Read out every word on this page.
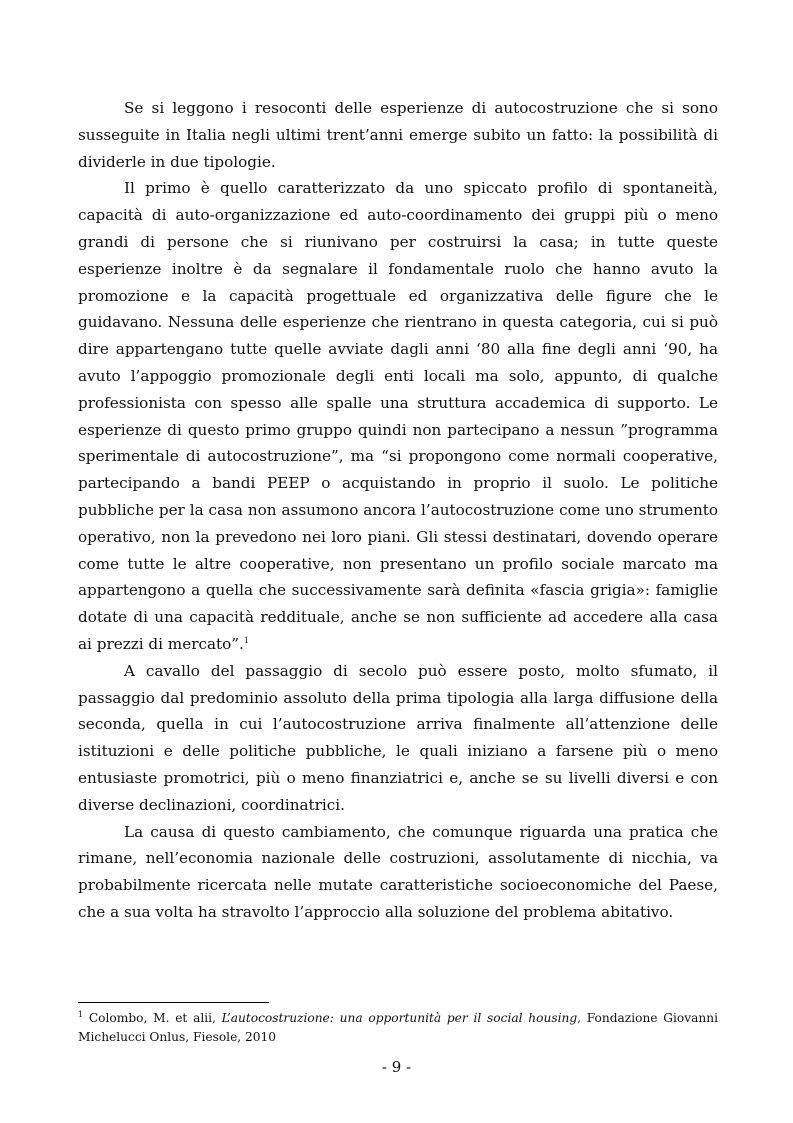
Se si leggono i resoconti delle esperienze di autocostruzione che si sono susseguite in Italia negli ultimi trent’anni emerge subito un fatto: la possibilità di dividerle in due tipologie.

Il primo è quello caratterizzato da uno spiccato profilo di spontaneità, capacità di auto-organizzazione ed auto-coordinamento dei gruppi più o meno grandi di persone che si riunivano per costruirsi la casa; in tutte queste esperienze inoltre è da segnalare il fondamentale ruolo che hanno avuto la promozione e la capacità progettuale ed organizzativa delle figure che le guidavano. Nessuna delle esperienze che rientrano in questa categoria, cui si può dire appartengano tutte quelle avviate dagli anni ‘80 alla fine degli anni ‘90, ha avuto l’appoggio promozionale degli enti locali ma solo, appunto, di qualche professionista con spesso alle spalle una struttura accademica di supporto. Le esperienze di questo primo gruppo quindi non partecipano a nessun ”programma sperimentale di autocostruzione”, ma “si propongono come normali cooperative, partecipando a bandi PEEP o acquistando in proprio il suolo. Le politiche pubbliche per la casa non assumono ancora l’autocostruzione come uno strumento operativo, non la prevedono nei loro piani. Gli stessi destinatari, dovendo operare come tutte le altre cooperative, non presentano un profilo sociale marcato ma appartengono a quella che successivamente sarà definita «fascia grigia»: famiglie dotate di una capacità reddituale, anche se non sufficiente ad accedere alla casa ai prezzi di mercato”.$^1$

A cavallo del passaggio di secolo può essere posto, molto sfumato, il passaggio dal predominio assoluto della prima tipologia alla larga diffusione della seconda, quella in cui l’autocostruzione arriva finalmente all’attenzione delle istituzioni e delle politiche pubbliche, le quali iniziano a farsene più o meno entusiaste promotrici, più o meno finanziatrici e, anche se su livelli diversi e con diverse declinazioni, coordinatrici.

La causa di questo cambiamento, che comunque riguarda una pratica che rimane, nell’economia nazionale delle costruzioni, assolutamente di nicchia, va probabilmente ricercata nelle mutate caratteristiche socioeconomiche del Paese, che a sua volta ha stravolto l’approccio alla soluzione del problema abitativo.

$^1$ Colombo, M. et alii, L’autocostruzione: una opportunità per il social housing, Fondazione Giovanni Michelucci Onlus, Fiesole, 2010

- 9 -
